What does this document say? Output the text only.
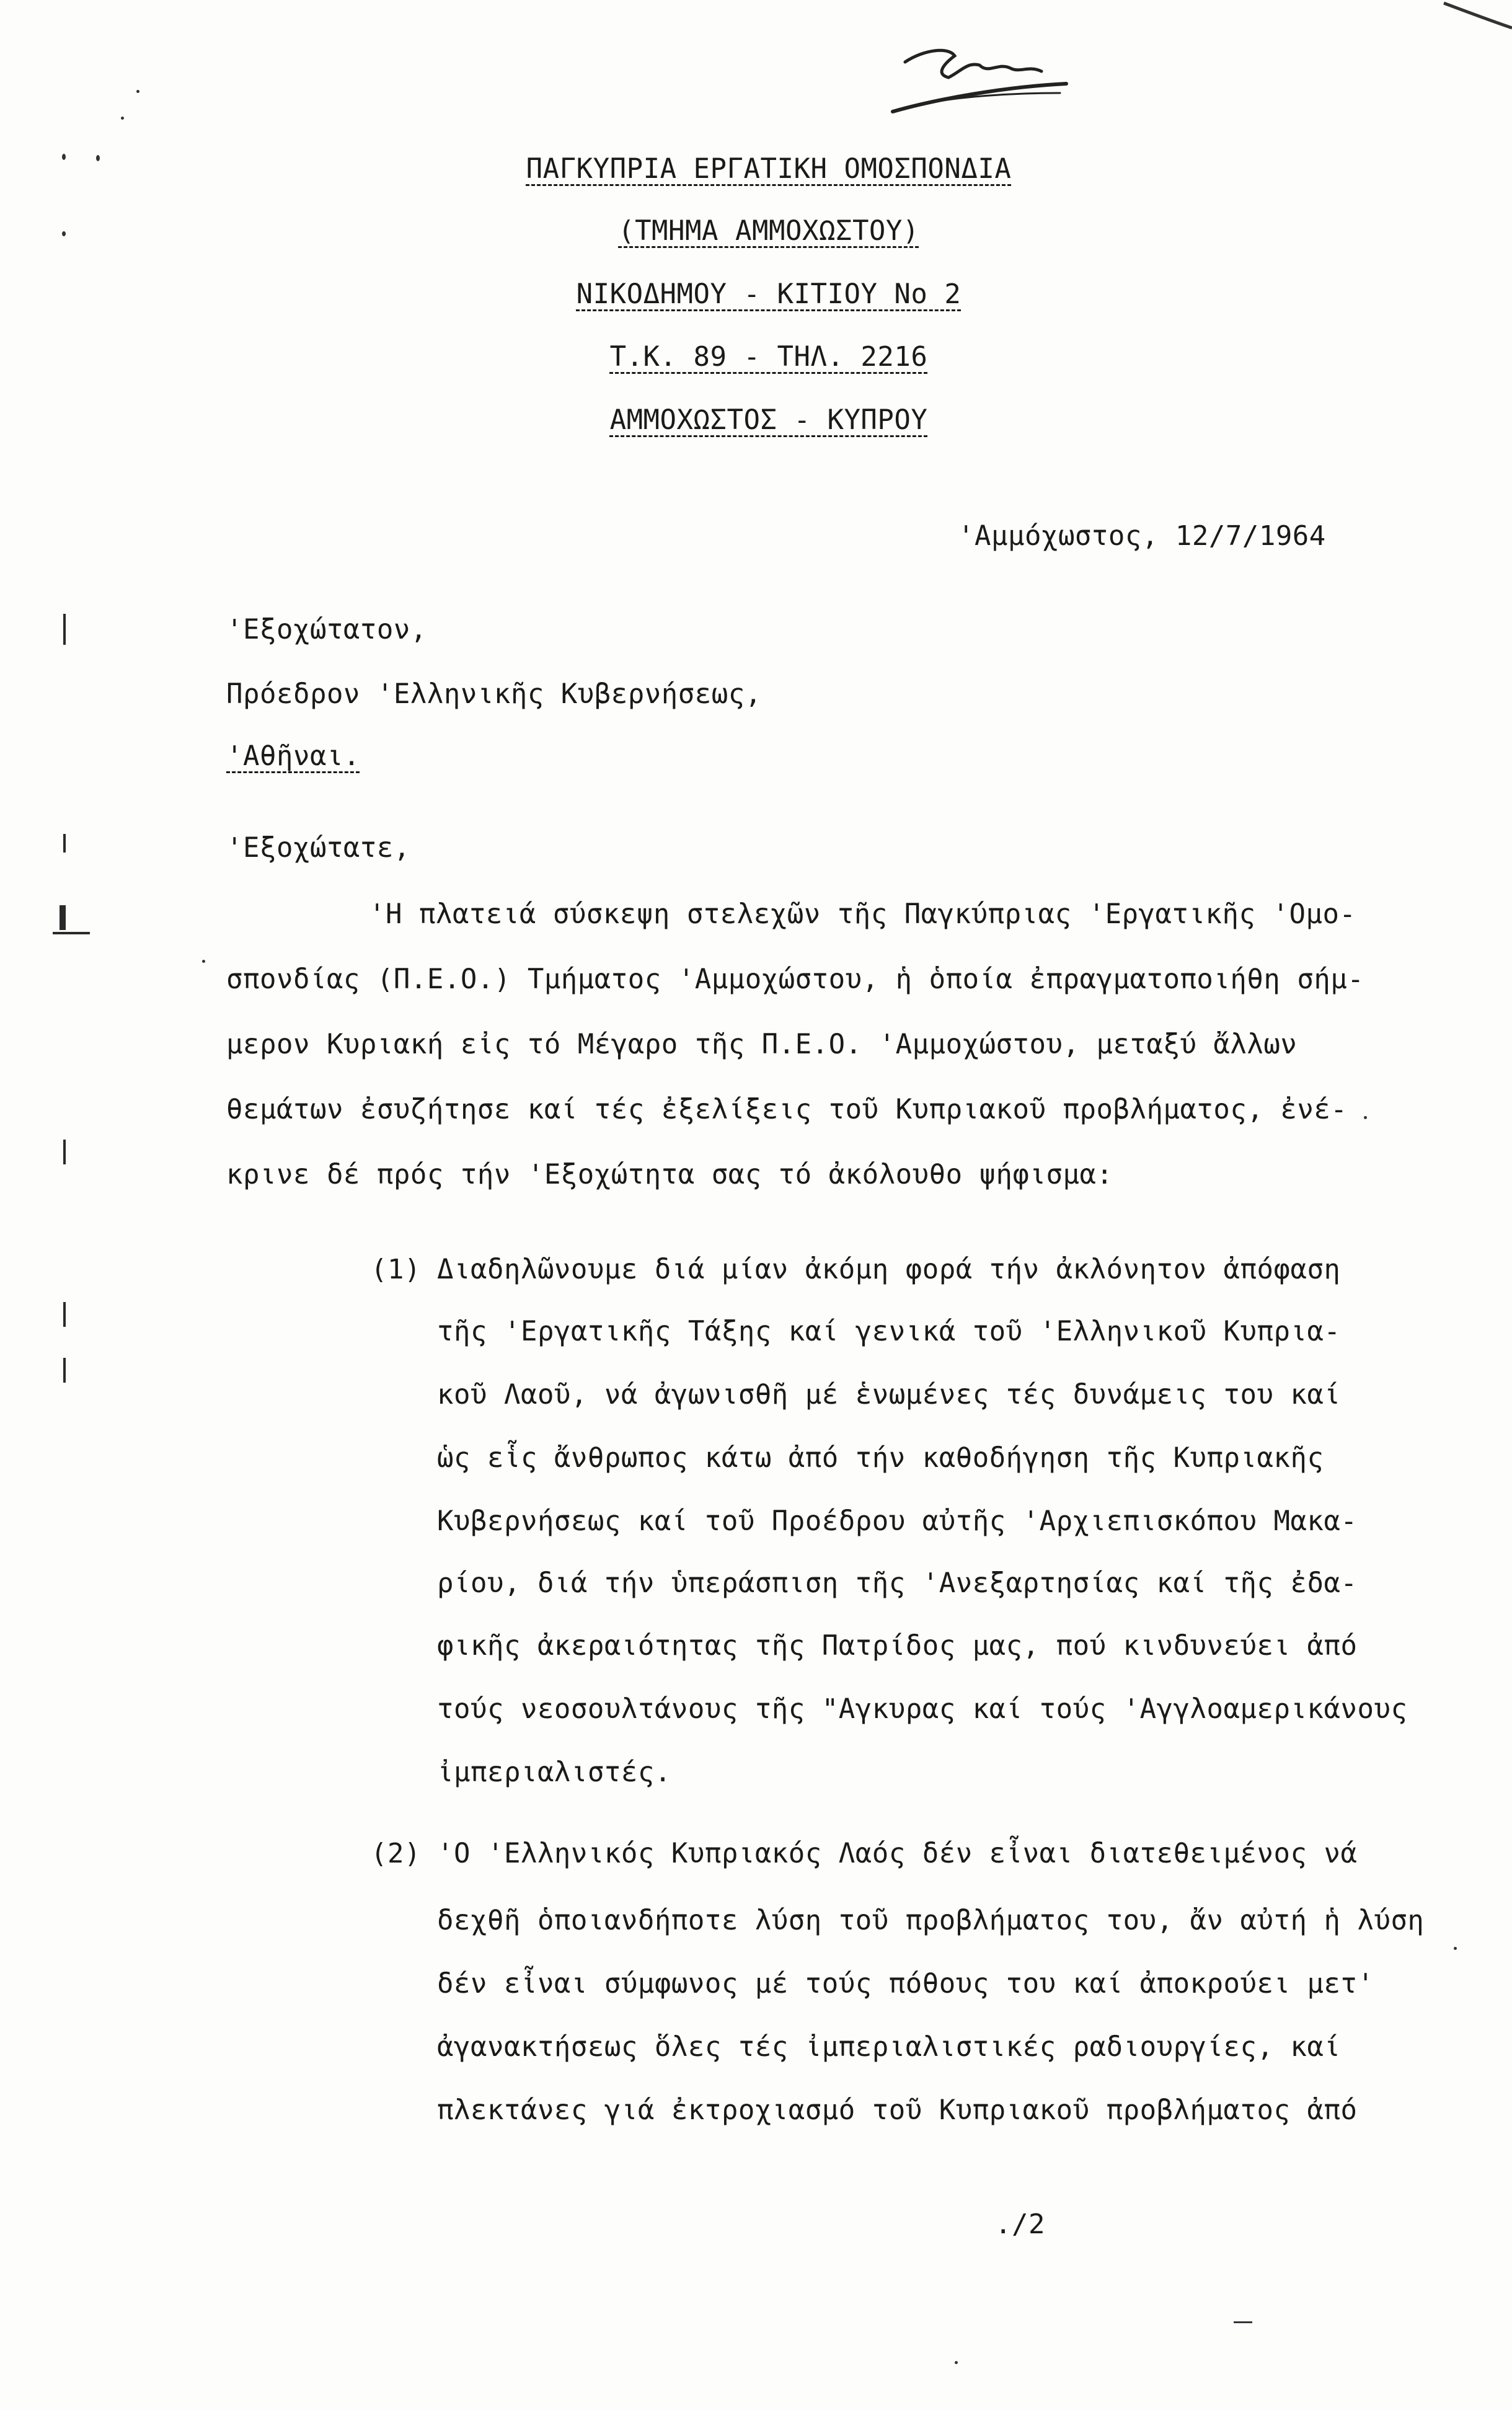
ΠΑΓΚΥΠΡΙΑ ΕΡΓΑΤΙΚΗ ΟΜΟΣΠΟΝΔΙΑ
(ΤΜΗΜΑ ΑΜΜΟΧΩΣΤΟΥ)
ΝΙΚΟΔΗΜΟΥ - ΚΙΤΙΟΥ Νο 2
Τ.Κ. 89 - ΤΗΛ. 2216
ΑΜΜΟΧΩΣΤΟΣ - ΚΥΠΡΟΥ
'Αμμόχωστος, 12/7/1964
'Εξοχώτατον,
Πρόεδρον 'Ελληνικῆς Κυβερνήσεως,
'Αθῆναι.
'Εξοχώτατε,
'Η πλατειά σύσκεψη στελεχῶν τῆς Παγκύπριας 'Εργατικῆς 'Ομο-
σπονδίας (Π.Ε.Ο.) Τμήματος 'Αμμοχώστου, ἡ ὁποία ἐπραγματοποιήθη σήμ-
μερον Κυριακή εἰς τό Μέγαρο τῆς Π.Ε.Ο. 'Αμμοχώστου, μεταξύ ἄλλων
θεμάτων ἐσυζήτησε καί τές ἐξελίξεις τοῦ Κυπριακοῦ προβλήματος, ἐνέ-
κρινε δέ πρός τήν 'Εξοχώτητα σας τό ἀκόλουθο ψήφισμα:
(1) Διαδηλῶνουμε διά μίαν ἀκόμη φορά τήν ἀκλόνητον ἀπόφαση
τῆς 'Εργατικῆς Τάξης καί γενικά τοῦ 'Ελληνικοῦ Κυπρια-
κοῦ Λαοῦ, νά ἀγωνισθῆ μέ ἑνωμένες τές δυνάμεις του καί
ὡς εἷς ἄνθρωπος κάτω ἀπό τήν καθοδήγηση τῆς Κυπριακῆς
Κυβερνήσεως καί τοῦ Προέδρου αὐτῆς 'Αρχιεπισκόπου Μακα-
ρίου, διά τήν ὑπεράσπιση τῆς 'Ανεξαρτησίας καί τῆς ἐδα-
φικῆς ἀκεραιότητας τῆς Πατρίδος μας, πού κινδυνεύει ἀπό
τούς νεοσουλτάνους τῆς "Αγκυρας καί τούς 'Αγγλοαμερικάνους
ἰμπεριαλιστές.
(2) 'Ο 'Ελληνικός Κυπριακός Λαός δέν εἶναι διατεθειμένος νά
δεχθῆ ὁποιανδήποτε λύση τοῦ προβλήματος του, ἄν αὐτή ἡ λύση
δέν εἶναι σύμφωνος μέ τούς πόθους του καί ἀποκρούει μετ'
ἀγανακτήσεως ὅλες τές ἰμπεριαλιστικές ραδιουργίες, καί
πλεκτάνες γιά ἐκτροχιασμό τοῦ Κυπριακοῦ προβλήματος ἀπό
./2
